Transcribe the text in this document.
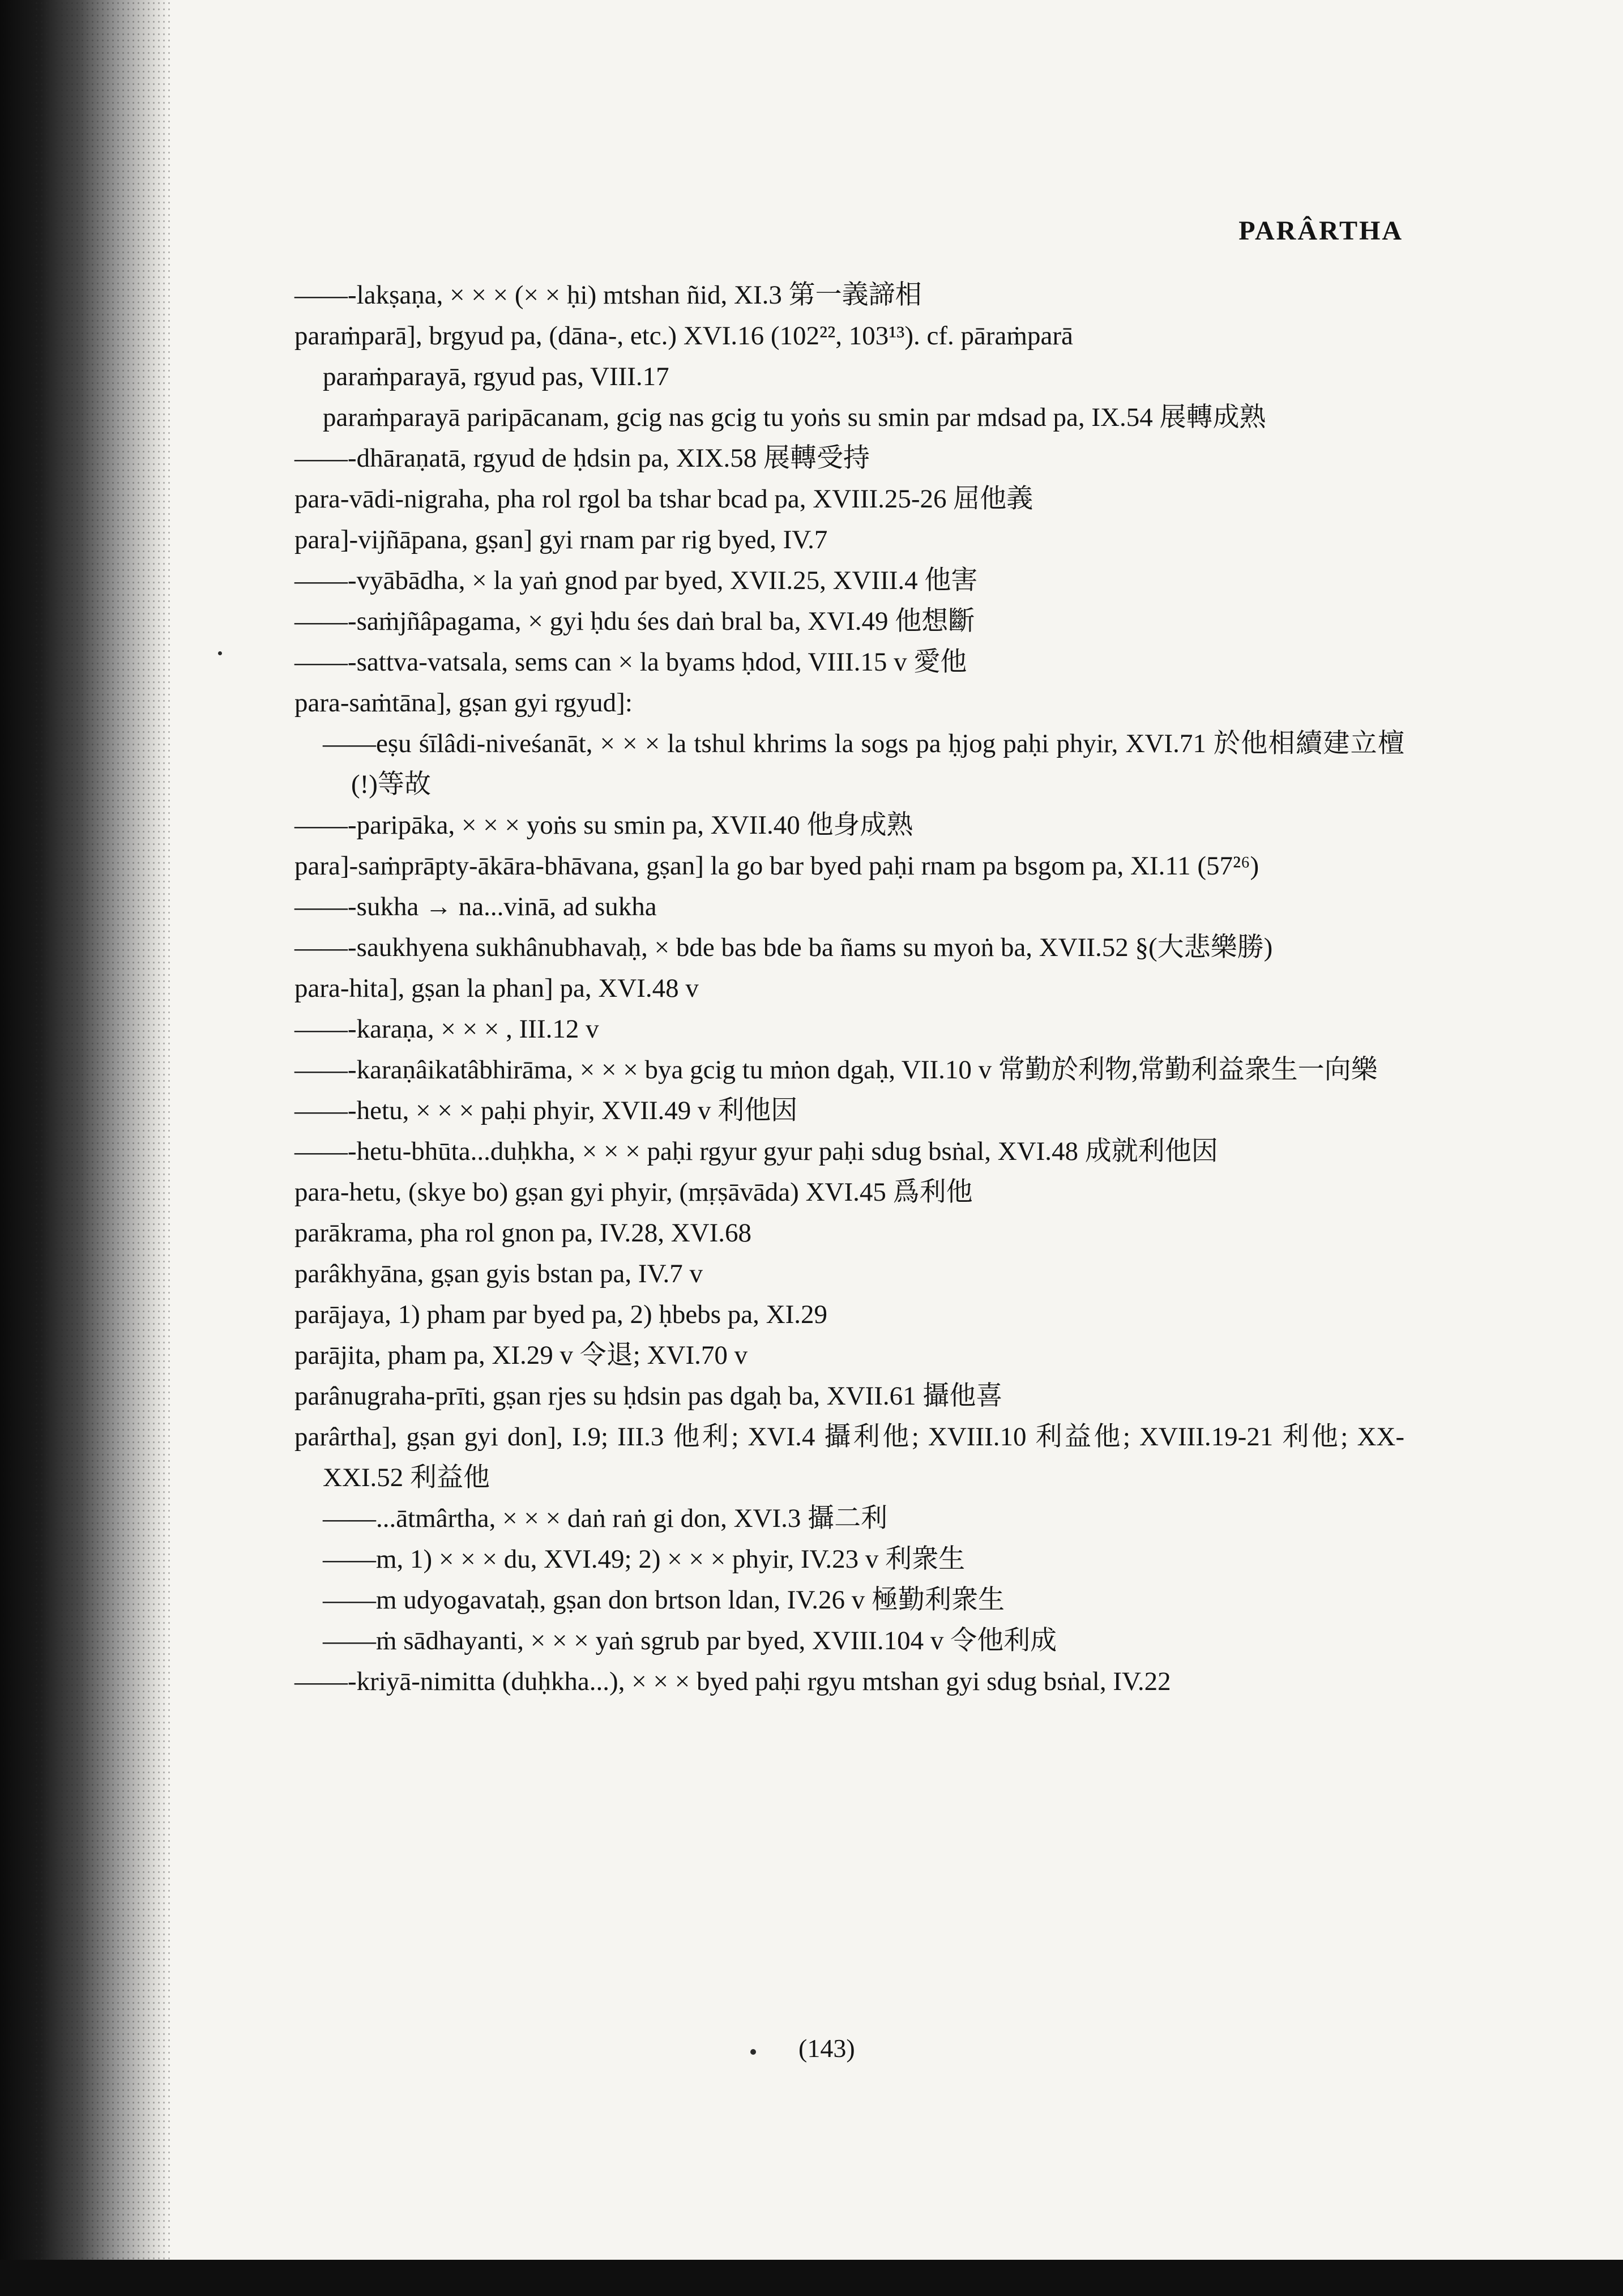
PARÂRTHA
——-lakṣaṇa, × × × (× × ḥi) mtshan ñid, XI.3 第一義諦相
paraṁparā], brgyud pa, (dāna-, etc.) XVI.16 (102²², 103¹³). cf. pāraṁparā
paraṁparayā, rgyud pas, VIII.17
paraṁparayā paripācanam, gcig nas gcig tu yoṅs su smin par mdsad pa, IX.54 展轉成熟
——-dhāraṇatā, rgyud de ḥdsin pa, XIX.58 展轉受持
para-vādi-nigraha, pha rol rgol ba tshar bcad pa, XVIII.25-26 屈他義
para]-vijñāpana, gṣan] gyi rnam par rig byed, IV.7
——-vyābādha, × la yaṅ gnod par byed, XVII.25, XVIII.4 他害
——-saṁjñâpagama, × gyi ḥdu śes daṅ bral ba, XVI.49 他想斷
——-sattva-vatsala, sems can × la byams ḥdod, VIII.15 v 愛他
para-saṁtāna], gṣan gyi rgyud]:
——eṣu śīlâdi-niveśanāt, × × × la tshul khrims la sogs pa ḥjog paḥi phyir, XVI.71 於他相續建立檀(!)等故
——-paripāka, × × × yoṅs su smin pa, XVII.40 他身成熟
para]-saṁprāpty-ākāra-bhāvana, gṣan] la go bar byed paḥi rnam pa bsgom pa, XI.11 (57²⁶)
——-sukha → na...vinā, ad sukha
——-saukhyena sukhânubhavaḥ, × bde bas bde ba ñams su myoṅ ba, XVII.52 §(大悲樂勝)
para-hita], gṣan la phan] pa, XVI.48 v
——-karaṇa, × × × , III.12 v
——-karaṇâikatâbhirāma, × × × bya gcig tu mṅon dgaḥ, VII.10 v 常勤於利物,常勤利益衆生一向樂
——-hetu, × × × paḥi phyir, XVII.49 v 利他因
——-hetu-bhūta...duḥkha, × × × paḥi rgyur gyur paḥi sdug bsṅal, XVI.48 成就利他因
para-hetu, (skye bo) gṣan gyi phyir, (mṛṣāvāda) XVI.45 爲利他
parākrama, pha rol gnon pa, IV.28, XVI.68
parâkhyāna, gṣan gyis bstan pa, IV.7 v
parājaya, 1) pham par byed pa, 2) ḥbebs pa, XI.29
parājita, pham pa, XI.29 v 令退; XVI.70 v
parânugraha-prīti, gṣan rjes su ḥdsin pas dgaḥ ba, XVII.61 攝他喜
parârtha], gṣan gyi don], I.9; III.3 他利; XVI.4 攝利他; XVIII.10 利益他; XVIII.19-21 利他; XX-XXI.52 利益他
——...ātmârtha, × × × daṅ raṅ gi don, XVI.3 攝二利
——m, 1) × × × du, XVI.49; 2) × × × phyir, IV.23 v 利衆生
——m udyogavataḥ, gṣan don brtson ldan, IV.26 v 極勤利衆生
——ṁ sādhayanti, × × × yaṅ sgrub par byed, XVIII.104 v 令他利成
——-kriyā-nimitta (duḥkha...), × × × byed paḥi rgyu mtshan gyi sdug bsṅal, IV.22
(143)
